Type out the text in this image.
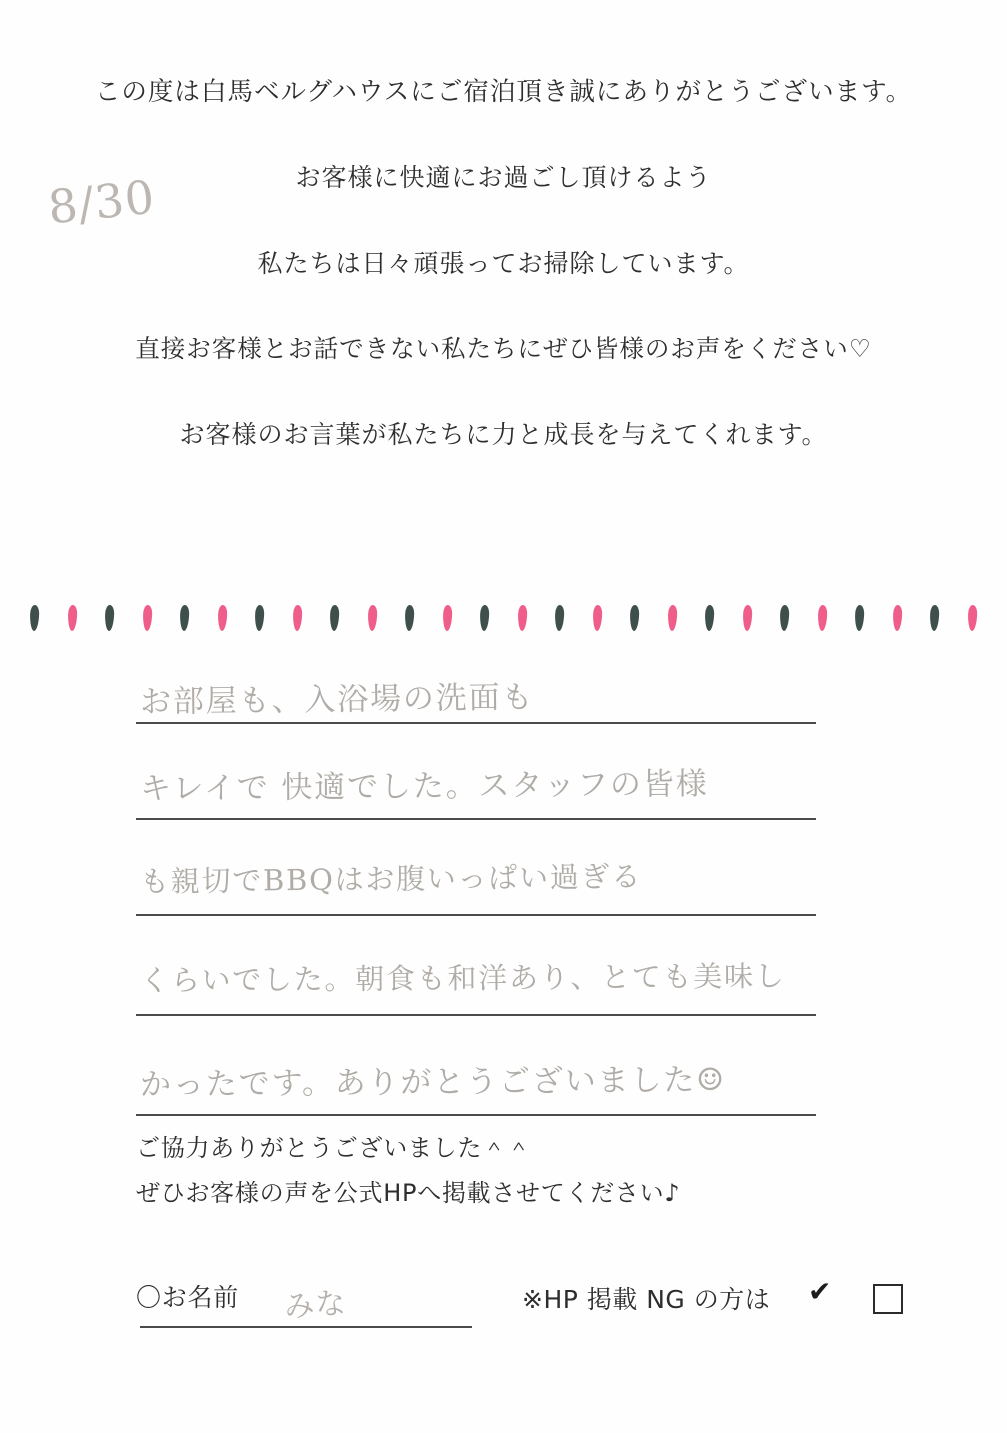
この度は白馬ベルグハウスにご宿泊頂き誠にありがとうございます。

お客様に快適にお過ごし頂けるよう

私たちは日々頑張ってお掃除しています。

直接お客様とお話できない私たちにぜひ皆様のお声をください♡

お客様のお言葉が私たちに力と成長を与えてくれます。

8/30
お部屋も、入浴場の洗面も
キレイで 快適でした。スタッフの皆様
も親切でBBQはお腹いっぱい過ぎる
くらいでした。朝食も和洋あり、とても美味し
かったです。ありがとうございました☺

ご協力ありがとうございました＾＾

ぜひお客様の声を公式HPへ掲載させてください♪

〇お名前 みな	※HP 掲載 NG の方は ✔
